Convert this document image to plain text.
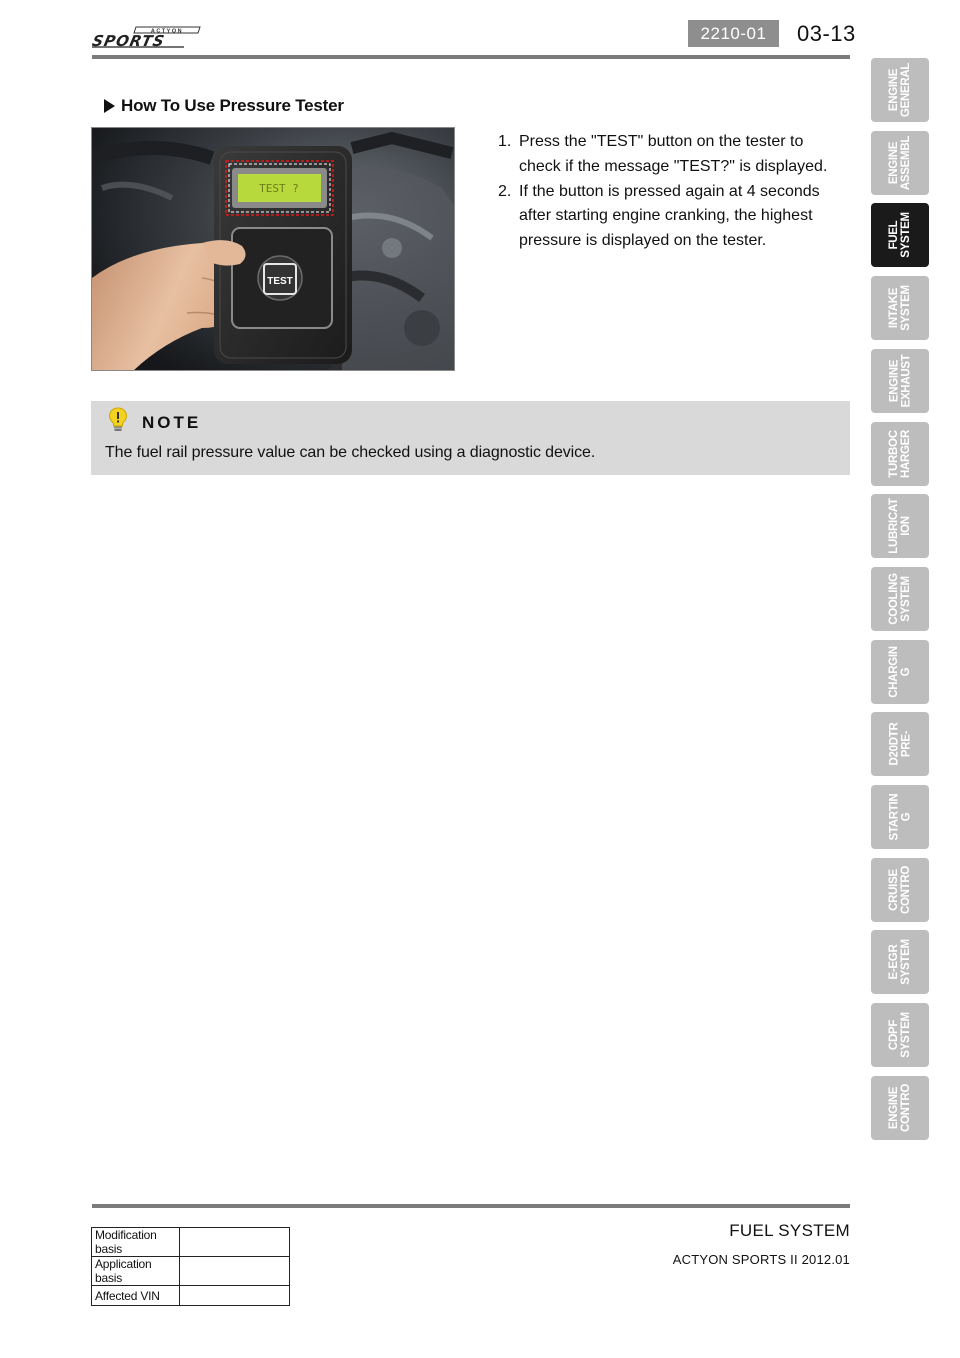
ACTYON
SPORTS	2210-01	03-13
How To Use Pressure Tester
TEST ?
TEST
1. Press the "TEST" button on the tester to check if the message "TEST?" is displayed.
2. If the button is pressed again at 4 seconds after starting engine cranking, the highest pressure is displayed on the tester.
NOTE
The fuel rail pressure value can be checked using a diagnostic device.
ENGINE
GENERAL
ENGINE
ASSEMBL
FUEL
SYSTEM
INTAKE
SYSTEM
ENGINE
EXHAUST
TURBOC
HARGER
LUBRICAT
ION
COOLING
SYSTEM
CHARGIN
G
D20DTR
PRE-
STARTIN
G
CRUISE
CONTRO
E-EGR
SYSTEM
CDPF
SYSTEM
ENGINE
CONTRO
Modification basis	
Application basis	
Affected VIN	
FUEL SYSTEM
ACTYON SPORTS II 2012.01
